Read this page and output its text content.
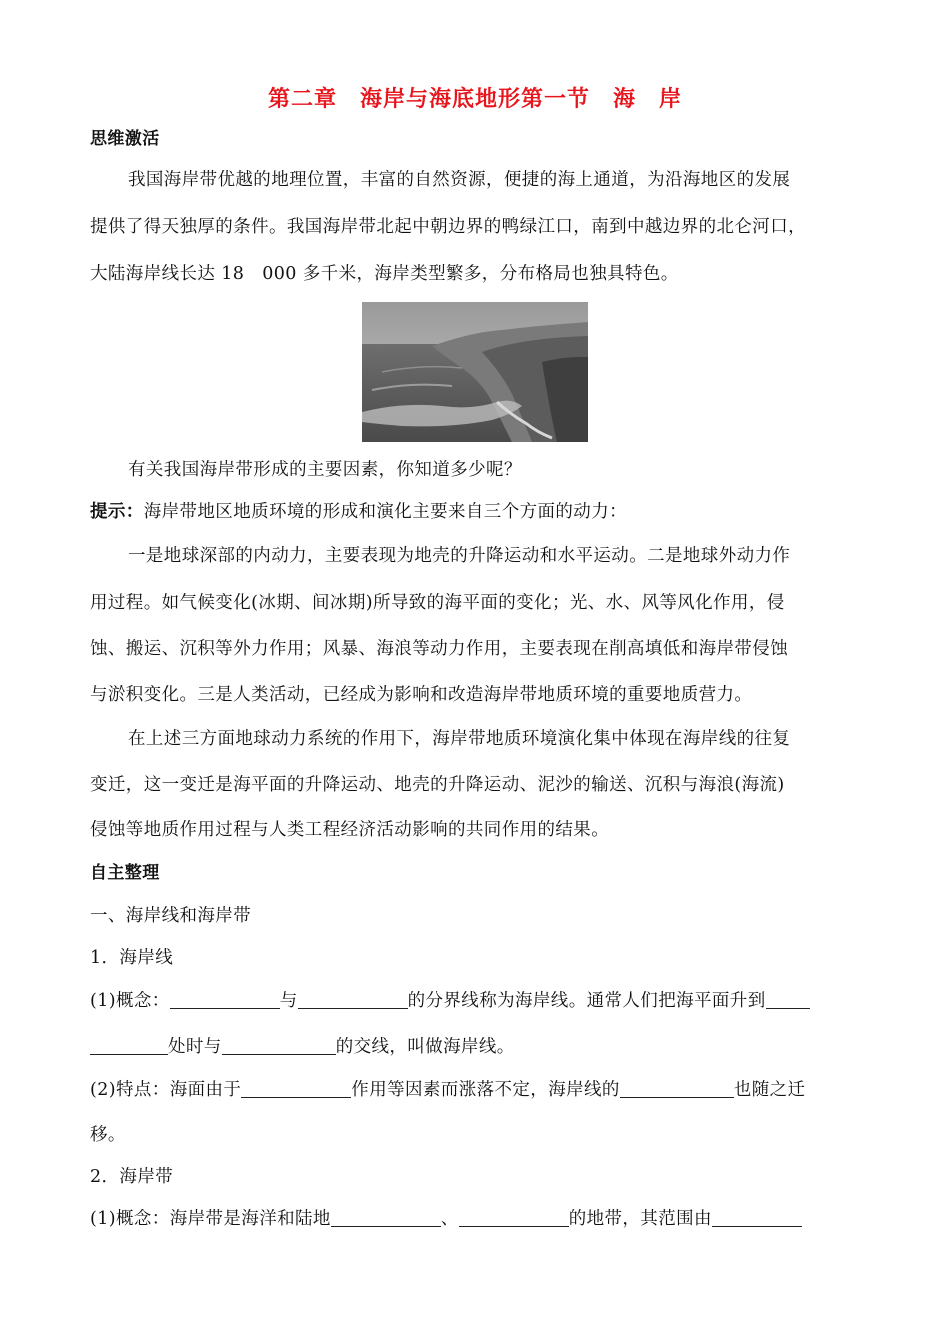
第二章　海岸与海底地形第一节　海　岸
思维激活
我国海岸带优越的地理位置，丰富的自然资源，便捷的海上通道，为沿海地区的发展
提供了得天独厚的条件。我国海岸带北起中朝边界的鸭绿江口，南到中越边界的北仑河口，
大陆海岸线长达 18　000 多千米，海岸类型繁多，分布格局也独具特色。
有关我国海岸带形成的主要因素，你知道多少呢？
提示：海岸带地区地质环境的形成和演化主要来自三个方面的动力：
一是地球深部的内动力，主要表现为地壳的升降运动和水平运动。二是地球外动力作
用过程。如气候变化(冰期、间冰期)所导致的海平面的变化；光、水、风等风化作用，侵
蚀、搬运、沉积等外力作用；风暴、海浪等动力作用，主要表现在削高填低和海岸带侵蚀
与淤积变化。三是人类活动，已经成为影响和改造海岸带地质环境的重要地质营力。
在上述三方面地球动力系统的作用下，海岸带地质环境演化集中体现在海岸线的往复
变迁，这一变迁是海平面的升降运动、地壳的升降运动、泥沙的输送、沉积与海浪(海流)
侵蚀等地质作用过程与人类工程经济活动影响的共同作用的结果。
自主整理
一、海岸线和海岸带
1．海岸线
(1)概念：	与	的分界线称为海岸线。通常人们把海平面升到
处时与	的交线，叫做海岸线。
(2)特点：海面由于	作用等因素而涨落不定，海岸线的	也随之迁
移。
2．海岸带
(1)概念：海岸带是海洋和陆地	、	的地带，其范围由
